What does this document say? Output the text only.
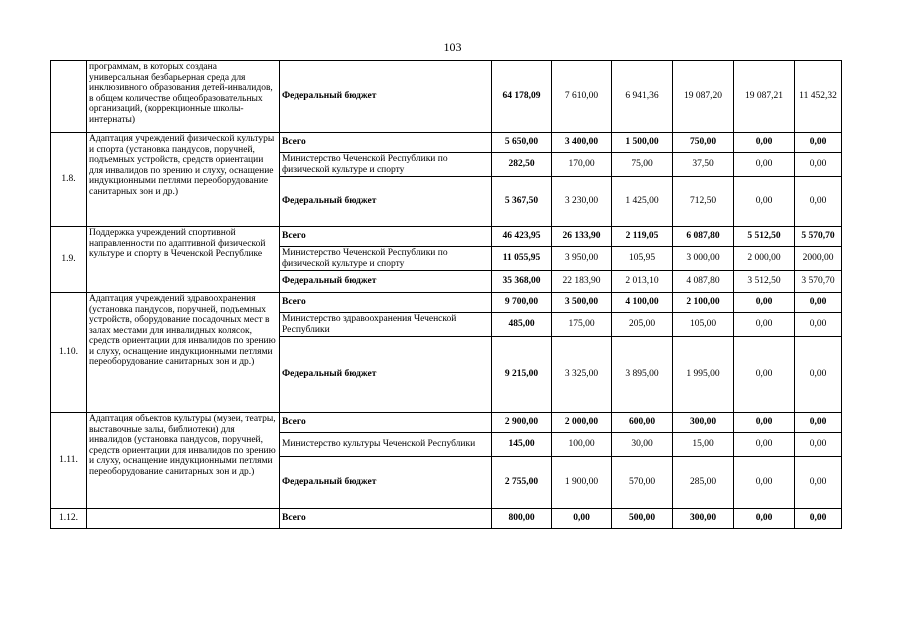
103
	программам, в которых создана универсальная безбарьерная среда для инклюзивного образования детей-инвалидов, в общем количестве общеобразовательных организаций, (коррекционные школы-интернаты)	Федеральный бюджет	64 178,09	7 610,00	6 941,36	19 087,20	19 087,21	11 452,32	
1.8.	Адаптация учреждений физической культуры и спорта (установка пандусов, поручней, подъемных устройств, средств ориентации для инвалидов по зрению и слуху, оснащение индукционными петлями переоборудование санитарных зон и др.)	Всего	5 650,00	3 400,00	1 500,00	750,00	0,00	0,00	
		Министерство Чеченской Республики по физической культуре и спорту	282,50	170,00	75,00	37,50	0,00	0,00	
		Федеральный бюджет	5 367,50	3 230,00	1 425,00	712,50	0,00	0,00	
1.9.	Поддержка учреждений спортивной направленности по адаптивной физической культуре и спорту в Чеченской Республике	Всего	46 423,95	26 133,90	2 119,05	6 087,80	5 512,50	5 570,70	
		Министерство Чеченской Республики по физической культуре и спорту	11 055,95	3 950,00	105,95	3 000,00	2 000,00	2000,00	
		Федеральный бюджет	35 368,00	22 183,90	2 013,10	4 087,80	3 512,50	3 570,70	
1.10.	Адаптация учреждений здравоохранения (установка пандусов, поручней, подъемных устройств, оборудование посадочных мест в залах местами для инвалидных колясок, средств ориентации для инвалидов по зрению и слуху, оснащение индукционными петлями переоборудование санитарных зон и др.)	Всего	9 700,00	3 500,00	4 100,00	2 100,00	0,00	0,00	
		Министерство здравоохранения Чеченской Республики	485,00	175,00	205,00	105,00	0,00	0,00	
		Федеральный бюджет	9 215,00	3 325,00	3 895,00	1 995,00	0,00	0,00	
1.11.	Адаптация объектов культуры (музеи, театры, выставочные залы, библиотеки) для инвалидов (установка пандусов, поручней, средств ориентации для инвалидов по зрению и слуху, оснащение индукционными петлями переоборудование санитарных зон и др.)	Всего	2 900,00	2 000,00	600,00	300,00	0,00	0,00	
		Министерство культуры Чеченской Республики	145,00	100,00	30,00	15,00	0,00	0,00	
		Федеральный бюджет	2 755,00	1 900,00	570,00	285,00	0,00	0,00	
1.12.		Всего	800,00	0,00	500,00	300,00	0,00	0,00	
